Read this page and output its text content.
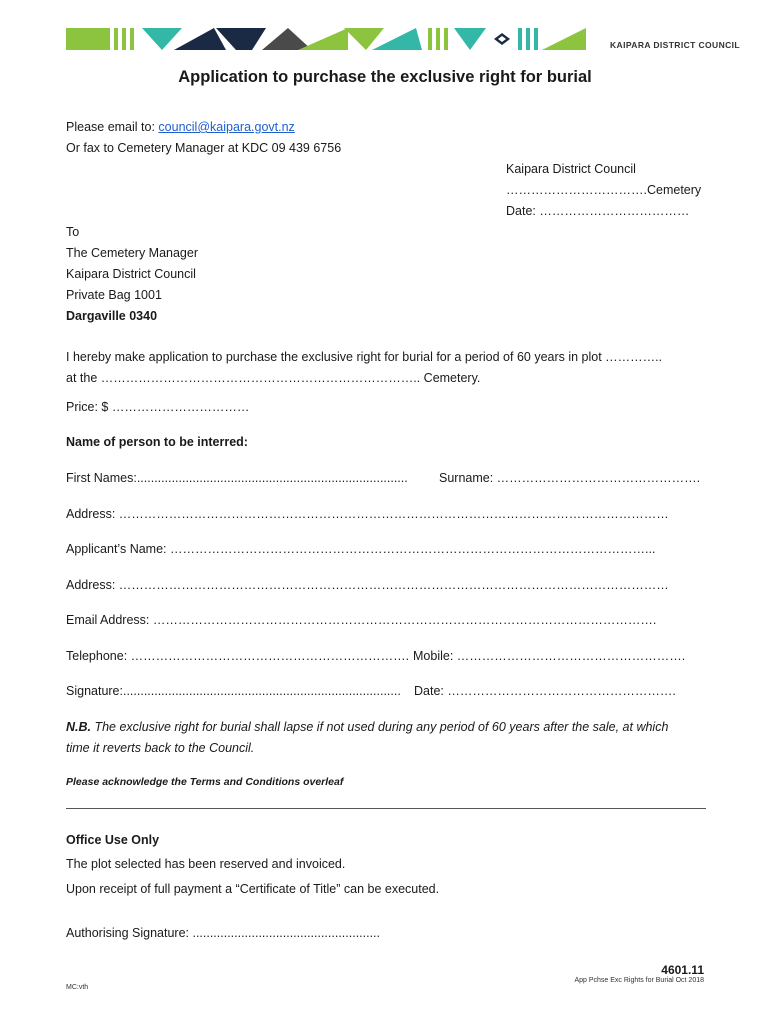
KAIPARA DISTRICT COUNCIL
Application to purchase the exclusive right for burial
Please email to: council@kaipara.govt.nz
Or fax to Cemetery Manager at KDC 09 439 6756
Kaipara District Council
…………………………….Cemetery
Date: ………………………………
To
The Cemetery Manager
Kaipara District Council
Private Bag 1001
Dargaville 0340
I hereby make application to purchase the exclusive right for burial for a period of 60 years in plot …………..
at the ………………………………………………………………….. Cemetery.
Price: $ ……………………………
Name of person to be interred:
First Names:..............................................................................	Surname: ………………………………………….
Address: ……………………………………………………………………………………………………………………
Applicant’s Name: ……………………………………………………………………………………………………...
Address: ……………………………………………………………………………………………………………………
Email Address: ………………………………………………………………………………………………………….
Telephone: …………………………………………………………. Mobile: ……………………………………………….
Signature:................................................................................ Date: ……………………………………………….
N.B. The exclusive right for burial shall lapse if not used during any period of 60 years after the sale, at which
time it reverts back to the Council.
Please acknowledge the Terms and Conditions overleaf
Office Use Only
The plot selected has been reserved and invoiced.
Upon receipt of full payment a “Certificate of Title” can be executed.
Authorising Signature: ......................................................
4601.11
App Pchse Exc Rights for Burial Oct 2018
MC:vth
